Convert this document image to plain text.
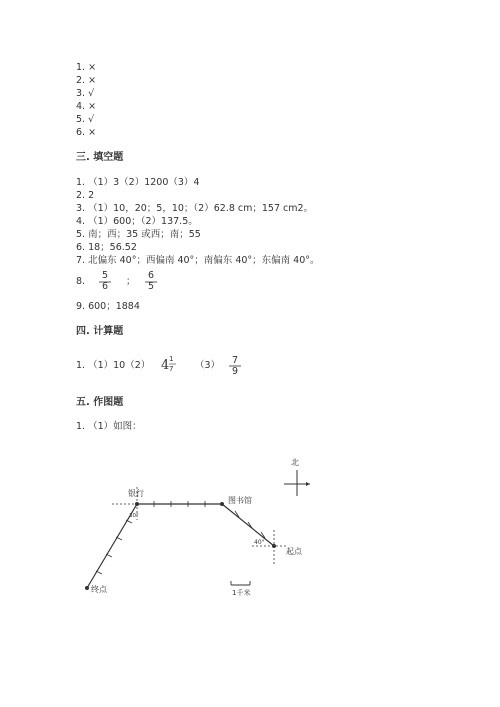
1. ×
2. ×
3. √
4. ×
5. √
6. ×
三. 填空题
1. （1）3（2）1200（3）4
2. 2
3. （1）10，20；5，10；（2）62.8 cm；157 cm2。
4. （1）600；（2）137.5。
5. 南；西；35 或西；南；55
6. 18；56.52
7. 北偏东 40°；西偏南 40°；南偏东 40°；东偏南 40°。
8.
5
6	；
6
5
9. 600；1884
四. 计算题
1. （1）10（2） 4 1
7 （3）	7
9
五. 作图题
1. （1）如图：
北
银行
图书馆
起点
终点
30°
40°
1千米
